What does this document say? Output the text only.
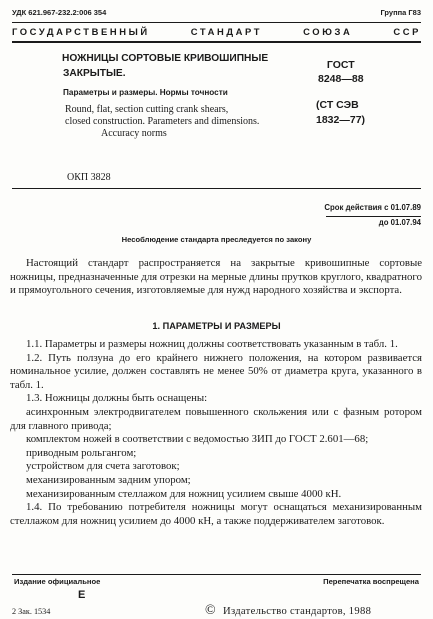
УДК 621.967-232.2:006 354	Группа Г83
ГОСУДАРСТВЕННЫЙ СТАНДАРТ СОЮЗА ССР
НОЖНИЦЫ СОРТОВЫЕ КРИВОШИПНЫЕ
ЗАКРЫТЫЕ.
Параметры и размеры. Нормы точности
Round, flat, section cutting crank shears,
closed construction. Parameters and dimensions.
Accuracy norms
ГОСТ
8248—88
(СТ СЭВ
1832—77)
ОКП 3828
Срок действия с 01.07.89
до 01.07.94
Несоблюдение стандарта преследуется по закону

Настоящий стандарт распространяется на закрытые кривошипные сортовые ножницы, предназначенные для отрезки на мерные длины прутков круглого, квадратного и прямоугольного сечения, изготовляемые для нужд народного хозяйства и экспорта.

1. ПАРАМЕТРЫ И РАЗМЕРЫ

1.1. Параметры и размеры ножниц должны соответствовать указанным в табл. 1.

1.2. Путь ползуна до его крайнего нижнего положения, на котором развивается номинальное усилие, должен составлять не менее 50% от диаметра круга, указанного в табл. 1.

1.3. Ножницы должны быть оснащены:

асинхронным электродвигателем повышенного скольжения или с фазным ротором для главного привода;

комплектом ножей в соответствии с ведомостью ЗИП до ГОСТ 2.601—68;

приводным рольгангом;

устройством для счета заготовок;

механизированным задним упором;

механизированным стеллажом для ножниц усилием свыше 4000 кН.

1.4. По требованию потребителя ножницы могут оснащаться механизированным стеллажом для ножниц усилием до 4000 кН, а также поддерживателем заготовок.

Издание официальное	Перепечатка воспрещена
Е
© Издательство стандартов, 1988
2 Зак. 1534
